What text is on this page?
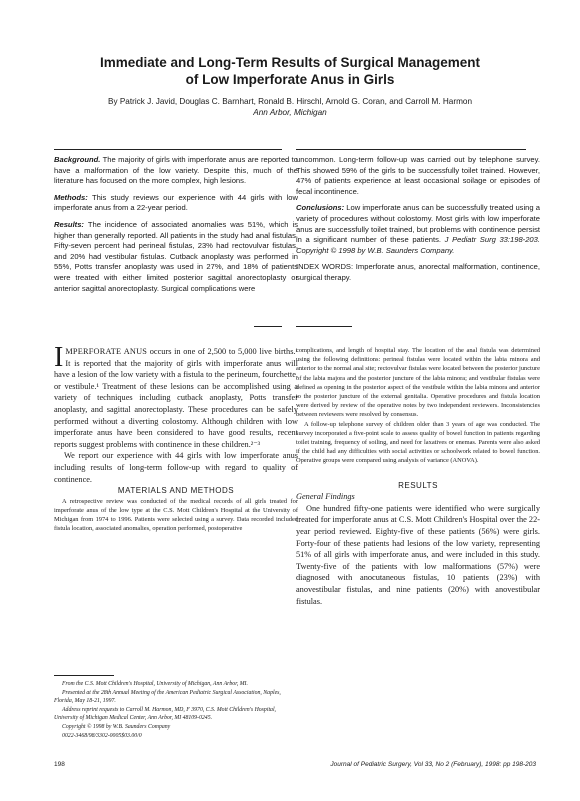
Immediate and Long-Term Results of Surgical Management
of Low Imperforate Anus in Girls
By Patrick J. Javid, Douglas C. Barnhart, Ronald B. Hirschl, Arnold G. Coran, and Carroll M. Harmon
Ann Arbor, Michigan

Background. The majority of girls with imperforate anus are reported to have a malformation of the low variety. Despite this, much of the literature has focused on the more complex, high lesions.

Methods: This study reviews our experience with 44 girls with low imperforate anus from a 22-year period.

Results: The incidence of associated anomalies was 51%, which is higher than generally reported. All patients in the study had anal fistulas. Fifty-seven percent had perineal fistulas, 23% had rectovulvar fistulas, and 20% had vestibular fistulas. Cutback anoplasty was performed in 55%, Potts transfer anoplasty was used in 27%, and 18% of patients were treated with either limited posterior sagittal anorectoplasty or anterior sagittal anorectoplasty. Surgical complications were

uncommon. Long-term follow-up was carried out by telephone survey. This showed 59% of the girls to be successfully toilet trained. However, 47% of patients experience at least occasional soilage or episodes of fecal incontinence.

Conclusions: Low imperforate anus can be successfully treated using a variety of procedures without colostomy. Most girls with low imperforate anus are successfully toilet trained, but problems with continence persist in a significant number of these patients. J Pediatr Surg 33:198-203. Copyright © 1998 by W.B. Saunders Company.

INDEX WORDS: Imperforate anus, anorectal malformation, continence, surgical therapy.

IMPERFORATE ANUS occurs in one of 2,500 to 5,000 live births.¹ It is reported that the majority of girls with imperforate anus will have a lesion of the low variety with a fistula to the perineum, fourchette, or vestibule.¹ Treatment of these lesions can be accomplished using a variety of techniques including cutback anoplasty, Potts transfer anoplasty, and sagittal anorectoplasty. These procedures can be safely performed without a diverting colostomy. Although children with low imperforate anus have been considered to have good results, recent reports suggest problems with continence in these children.²⁻³

We report our experience with 44 girls with low imperforate anus including results of long-term follow-up with regard to quality of continence.

MATERIALS AND METHODS

A retrospective review was conducted of the medical records of all girls treated for imperforate anus of the low type at the C.S. Mott Children's Hospital at the University of Michigan from 1974 to 1996. Patients were selected using a survey. Data recorded included fistula location, associated anomalies, operation performed, postoperative

complications, and length of hospital stay. The location of the anal fistula was determined using the following definitions: perineal fistulas were located within the labia minora and anterior to the normal anal site; rectovulvar fistulas were located between the posterior juncture of the labia majora and the posterior juncture of the labia minora; and vestibular fistulas were defined as opening in the posterior aspect of the vestibule within the labia minora and anterior to the posterior juncture of the external genitalia. Operative procedures and fistula location were derived by review of the operative notes by two independent reviewers. Inconsistencies between reviewers were resolved by consensus.

A follow-up telephone survey of children older than 3 years of age was conducted. The survey incorporated a five-point scale to assess quality of bowel function in patients regarding toilet training, frequency of soiling, and need for laxatives or enemas. Parents were also asked if the child had any difficulties with social activities or schoolwork related to bowel function. Operative groups were compared using analysis of variance (ANOVA).

RESULTS

General Findings

One hundred fifty-one patients were identified who were surgically treated for imperforate anus at C.S. Mott Children's Hospital over the 22-year period reviewed. Eighty-five of these patients (56%) were girls. Forty-four of these patients had lesions of the low variety, representing 51% of all girls with imperforate anus, and were included in this study. Twenty-five of the patients with low malformations (57%) were diagnosed with anocutaneous fistulas, 10 patients (23%) with anovestibular fistulas, and nine patients (20%) with anovestibular fistulas.

From the C.S. Mott Children's Hospital, University of Michigan, Ann Arbor, MI.

Presented at the 28th Annual Meeting of the American Pediatric Surgical Association, Naples, Florida, May 18-21, 1997.

Address reprint requests to Carroll M. Harmon, MD, F 3970, C.S. Mott Children's Hospital, University of Michigan Medical Center, Ann Arbor, MI 48109-0245.

Copyright © 1998 by W.B. Saunders Company

0022-3468/98/3302-0005$03.00/0

198	Journal of Pediatric Surgery, Vol 33, No 2 (February), 1998: pp 198-203
